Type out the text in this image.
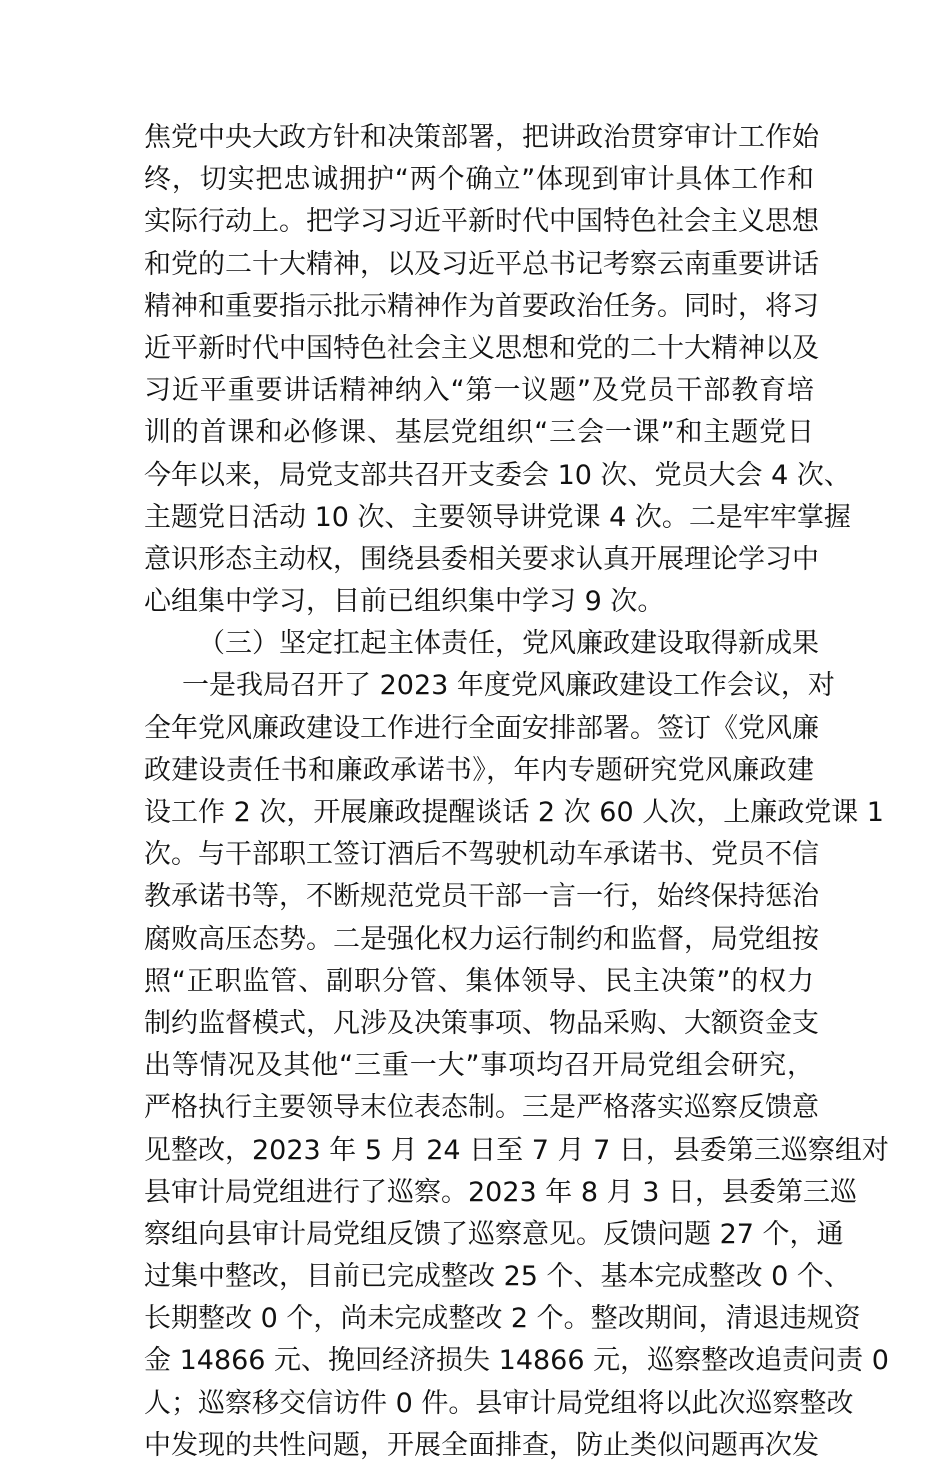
焦党中央大政方针和决策部署，把讲政治贯穿审计工作始
终，切实把忠诚拥护“两个确立”体现到审计具体工作和
实际行动上。把学习习近平新时代中国特色社会主义思想
和党的二十大精神，以及习近平总书记考察云南重要讲话
精神和重要指示批示精神作为首要政治任务。同时，将习
近平新时代中国特色社会主义思想和党的二十大精神以及
习近平重要讲话精神纳入“第一议题”及党员干部教育培
训的首课和必修课、基层党组织“三会一课”和主题党日
今年以来，局党支部共召开支委会 10 次、党员大会 4 次、
主题党日活动 10 次、主要领导讲党课 4 次。二是牢牢掌握
意识形态主动权，围绕县委相关要求认真开展理论学习中
心组集中学习，目前已组织集中学习 9 次。
（三）坚定扛起主体责任，党风廉政建设取得新成果
一是我局召开了 2023 年度党风廉政建设工作会议，对
全年党风廉政建设工作进行全面安排部署。签订《党风廉
政建设责任书和廉政承诺书》，年内专题研究党风廉政建
设工作 2 次，开展廉政提醒谈话 2 次 60 人次，上廉政党课 1
次。与干部职工签订酒后不驾驶机动车承诺书、党员不信
教承诺书等，不断规范党员干部一言一行，始终保持惩治
腐败高压态势。二是强化权力运行制约和监督，局党组按
照“正职监管、副职分管、集体领导、民主决策”的权力
制约监督模式，凡涉及决策事项、物品采购、大额资金支
出等情况及其他“三重一大”事项均召开局党组会研究，
严格执行主要领导末位表态制。三是严格落实巡察反馈意
见整改，2023 年 5 月 24 日至 7 月 7 日，县委第三巡察组对
县审计局党组进行了巡察。2023 年 8 月 3 日，县委第三巡
察组向县审计局党组反馈了巡察意见。反馈问题 27 个，通
过集中整改，目前已完成整改 25 个、基本完成整改 0 个、
长期整改 0 个，尚未完成整改 2 个。整改期间，清退违规资
金 14866 元、挽回经济损失 14866 元，巡察整改追责问责 0
人；巡察移交信访件 0 件。县审计局党组将以此次巡察整改
中发现的共性问题，开展全面排查，防止类似问题再次发
